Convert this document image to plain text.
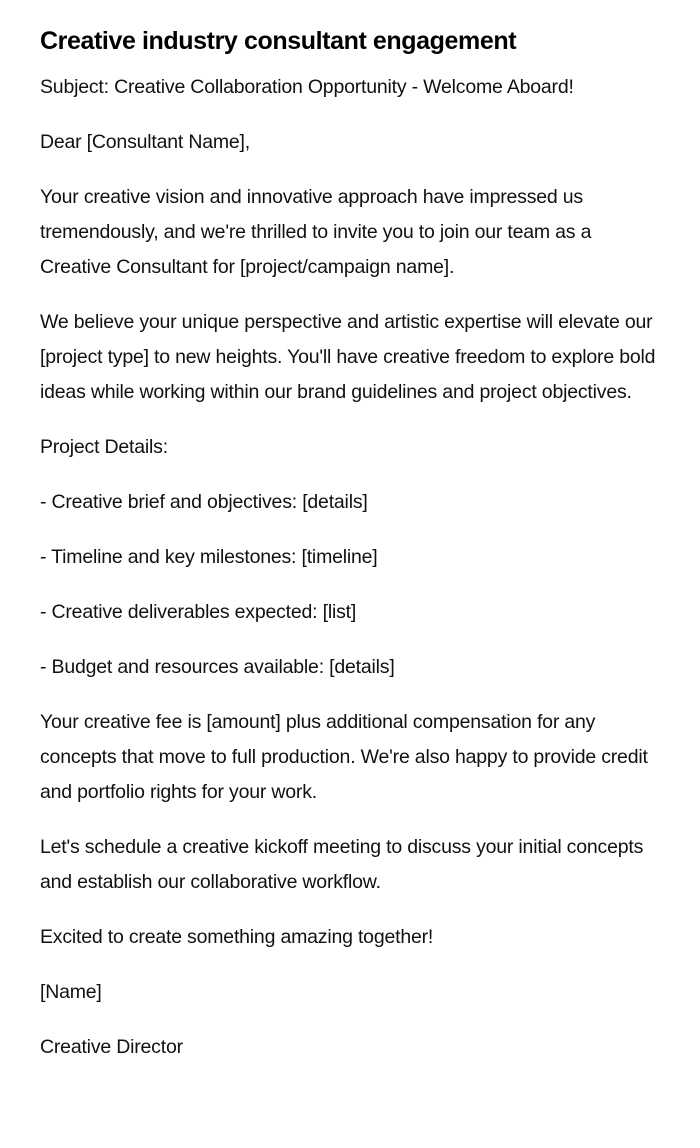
Creative industry consultant engagement

Subject: Creative Collaboration Opportunity - Welcome Aboard!

Dear [Consultant Name],

Your creative vision and innovative approach have impressed us tremendously, and we're thrilled to invite you to join our team as a Creative Consultant for [project/campaign name].

We believe your unique perspective and artistic expertise will elevate our [project type] to new heights. You'll have creative freedom to explore bold ideas while working within our brand guidelines and project objectives.

Project Details:

- Creative brief and objectives: [details]

- Timeline and key milestones: [timeline]

- Creative deliverables expected: [list]

- Budget and resources available: [details]

Your creative fee is [amount] plus additional compensation for any concepts that move to full production. We're also happy to provide credit and portfolio rights for your work.

Let's schedule a creative kickoff meeting to discuss your initial concepts and establish our collaborative workflow.

Excited to create something amazing together!

[Name]

Creative Director
